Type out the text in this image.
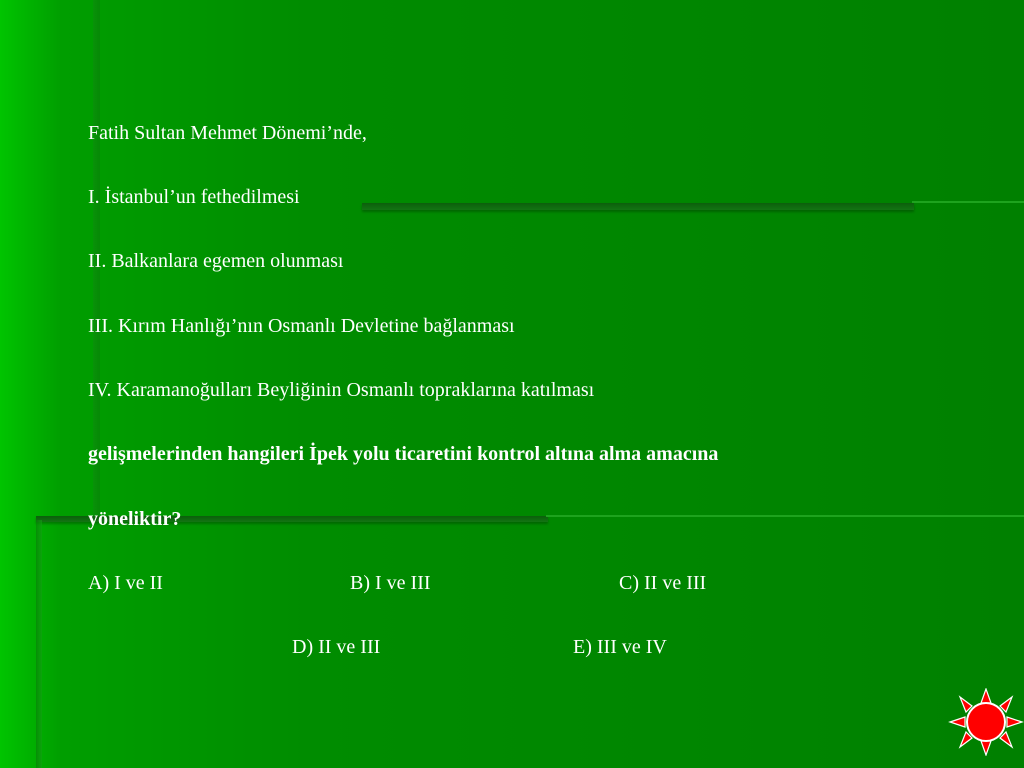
Fatih Sultan Mehmet Dönemi’nde,
I. İstanbul’un fethedilmesi
II. Balkanlara egemen olunması
III. Kırım Hanlığı’nın Osmanlı Devletine bağlanması
IV. Karamanoğulları Beyliğinin Osmanlı topraklarına katılması
gelişmelerinden hangileri İpek yolu ticaretini kontrol altına alma amacına
yöneliktir?
A) I ve II	B) I ve III	C) II ve III
D) II ve III	E) III ve IV
